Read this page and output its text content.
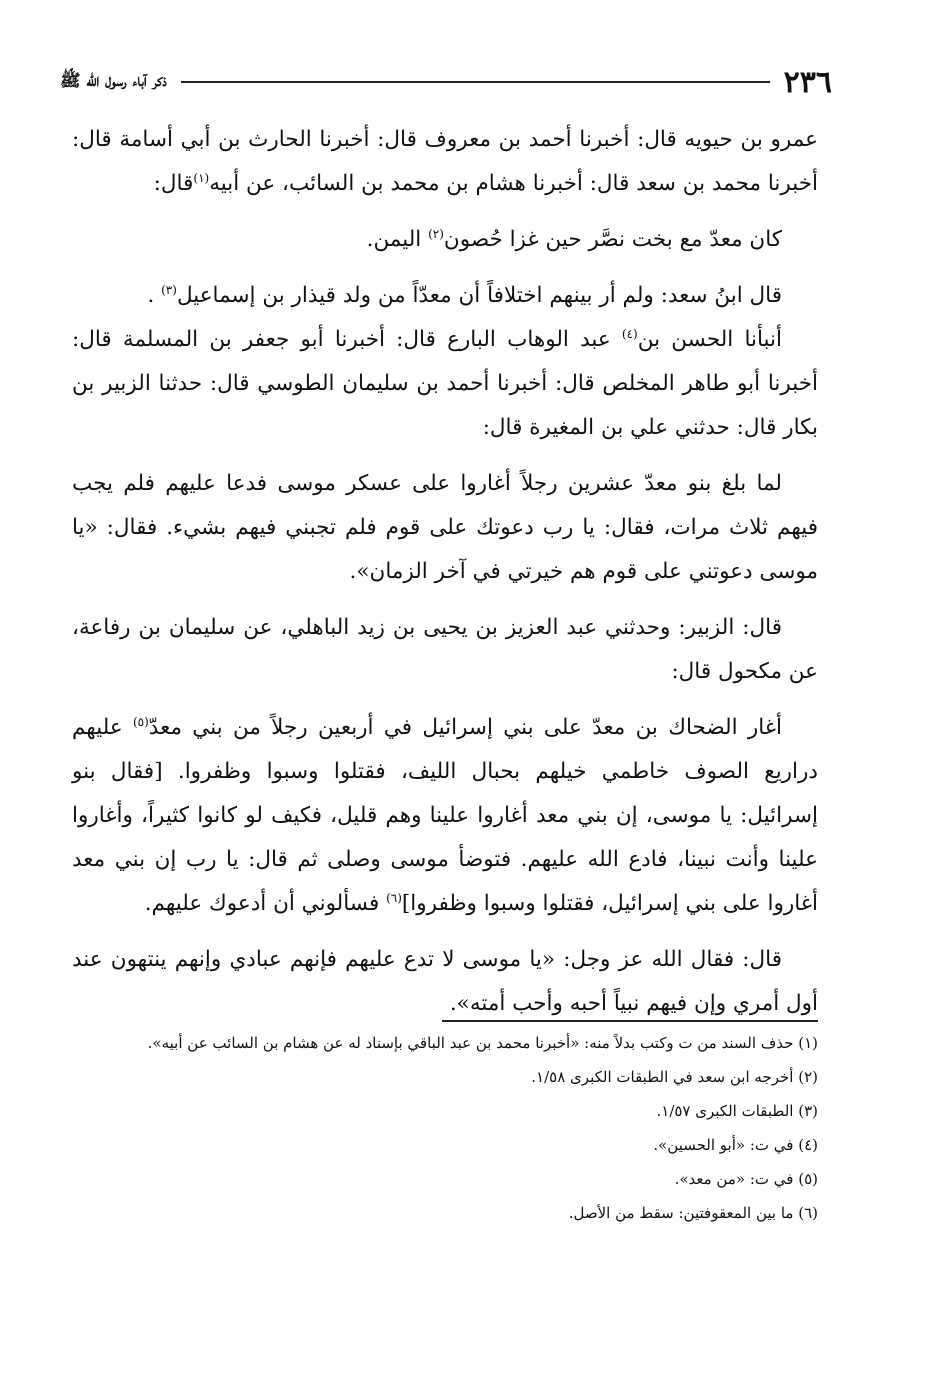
٢٣٦
ذكر آباء رسول الله ﷺ

عمرو بن حيويه قال: أخبرنا أحمد بن معروف قال: أخبرنا الحارث بن أبي أسامة قال: أخبرنا محمد بن سعد قال: أخبرنا هشام بن محمد بن السائب، عن أبيه$^{(١)}$قال:

كان معدّ مع بخت نصَّر حين غزا حُصون$^{(٢)}$ اليمن.

قال ابنُ سعد: ولم أر بينهم اختلافاً أن معدّاً من ولد قيذار بن إسماعيل$^{(٣)}$ .

أنبأنا الحسن بن$^{(٤)}$ عبد الوهاب البارع قال: أخبرنا أبو جعفر بن المسلمة قال: أخبرنا أبو طاهر المخلص قال: أخبرنا أحمد بن سليمان الطوسي قال: حدثنا الزبير بن بكار قال: حدثني علي بن المغيرة قال:

لما بلغ بنو معدّ عشرين رجلاً أغاروا على عسكر موسى فدعا عليهم فلم يجب فيهم ثلاث مرات، فقال: يا رب دعوتك على قوم فلم تجبني فيهم بشيء. فقال: «يا موسى دعوتني على قوم هم خيرتي في آخر الزمان».

قال: الزبير: وحدثني عبد العزيز بن يحيى بن زيد الباهلي، عن سليمان بن رفاعة، عن مكحول قال:

أغار الضحاك بن معدّ على بني إسرائيل في أربعين رجلاً من بني معدّ$^{(٥)}$ عليهم دراريع الصوف خاطمي خيلهم بحبال الليف، فقتلوا وسبوا وظفروا. [فقال بنو إسرائيل: يا موسى، إن بني معد أغاروا علينا وهم قليل، فكيف لو كانوا كثيراً، وأغاروا علينا وأنت نبينا، فادع الله عليهم. فتوضأ موسى وصلى ثم قال: يا رب إن بني معد أغاروا على بني إسرائيل، فقتلوا وسبوا وظفروا]$^{(٦)}$ فسألوني أن أدعوك عليهم.

قال: فقال الله عز وجل: «يا موسى لا تدع عليهم فإنهم عبادي وإنهم ينتهون عند أول أمري وإن فيهم نبياً أحبه وأحب أمته».

(١) حذف السند من ت وكتب بدلاً منه: «أخبرنا محمد بن عبد الباقي بإسناد له عن هشام بن السائب عن أبيه».

(٢) أخرجه ابن سعد في الطبقات الكبرى ١/٥٨.

(٣) الطبقات الكبرى ١/٥٧.

(٤) في ت: «أبو الحسين».

(٥) في ت: «من معد».

(٦) ما بين المعقوفتين: سقط من الأصل.
